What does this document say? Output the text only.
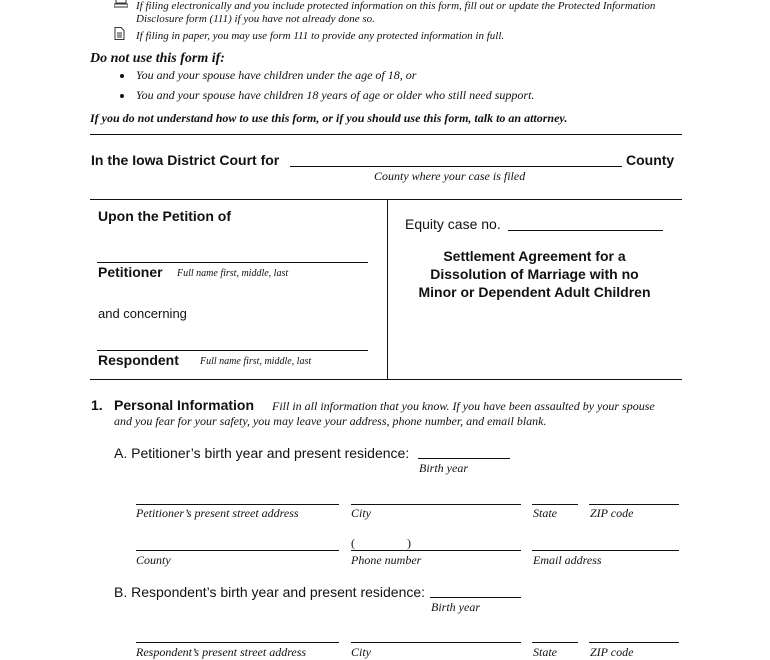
If filing electronically and you include protected information on this form, fill out or update the Protected Information
Disclosure form (111) if you have not already done so.
If filing in paper, you may use form 111 to provide any protected information in full.
Do not use this form if:
You and your spouse have children under the age of 18, or
You and your spouse have children 18 years of age or older who still need support.
If you do not understand how to use this form, or if you should use this form, talk to an attorney.
In the Iowa District Court for	County
County where your case is filed
Upon the Petition of
Petitioner Full name first, middle, last
and concerning
Respondent Full name first, middle, last
Equity case no.
Settlement Agreement for a
Dissolution of Marriage with no
Minor or Dependent Adult Children
1. Personal Information Fill in all information that you know. If you have been assaulted by your spouse
and you fear for your safety, you may leave your address, phone number, and email blank.
A. Petitioner’s birth year and present residence:
Birth year
Petitioner’s present street address	City	State	ZIP code
(	)
County	Phone number	Email address
B. Respondent’s birth year and present residence:
Birth year
Respondent’s present street address	City	State	ZIP code
